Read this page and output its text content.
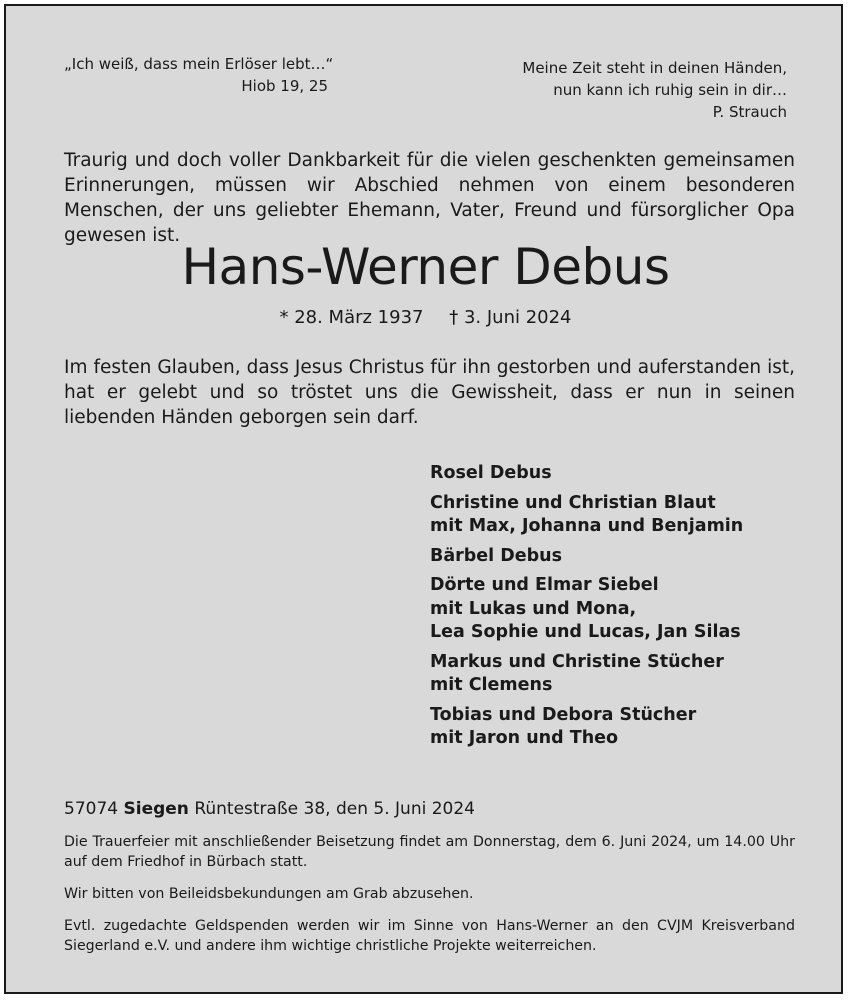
„Ich weiß, dass mein Erlöser lebt…“
Hiob 19, 25
Meine Zeit steht in deinen Händen,
nun kann ich ruhig sein in dir…
P. Strauch
Traurig und doch voller Dankbarkeit für die vielen geschenkten gemeinsamen Erinnerungen, müssen wir Abschied nehmen von einem besonderen Menschen, der uns geliebter Ehemann, Vater, Freund und fürsorglicher Opa gewesen ist.
Hans-Werner Debus
* 28. März 1937 † 3. Juni 2024
Im festen Glauben, dass Jesus Christus für ihn gestorben und auferstanden ist, hat er gelebt und so tröstet uns die Gewissheit, dass er nun in seinen liebenden Händen geborgen sein darf.
Rosel Debus
Christine und Christian Blaut
mit Max, Johanna und Benjamin
Bärbel Debus
Dörte und Elmar Siebel
mit Lukas und Mona,
Lea Sophie und Lucas, Jan Silas
Markus und Christine Stücher
mit Clemens
Tobias und Debora Stücher
mit Jaron und Theo
57074 Siegen Rüntestraße 38, den 5. Juni 2024

Die Trauerfeier mit anschließender Beisetzung findet am Donnerstag, dem 6. Juni 2024, um 14.00 Uhr auf dem Friedhof in Bürbach statt.

Wir bitten von Beileidsbekundungen am Grab abzusehen.

Evtl. zugedachte Geldspenden werden wir im Sinne von Hans-Werner an den CVJM Kreisverband Siegerland e.V. und andere ihm wichtige christliche Projekte weiterreichen.
